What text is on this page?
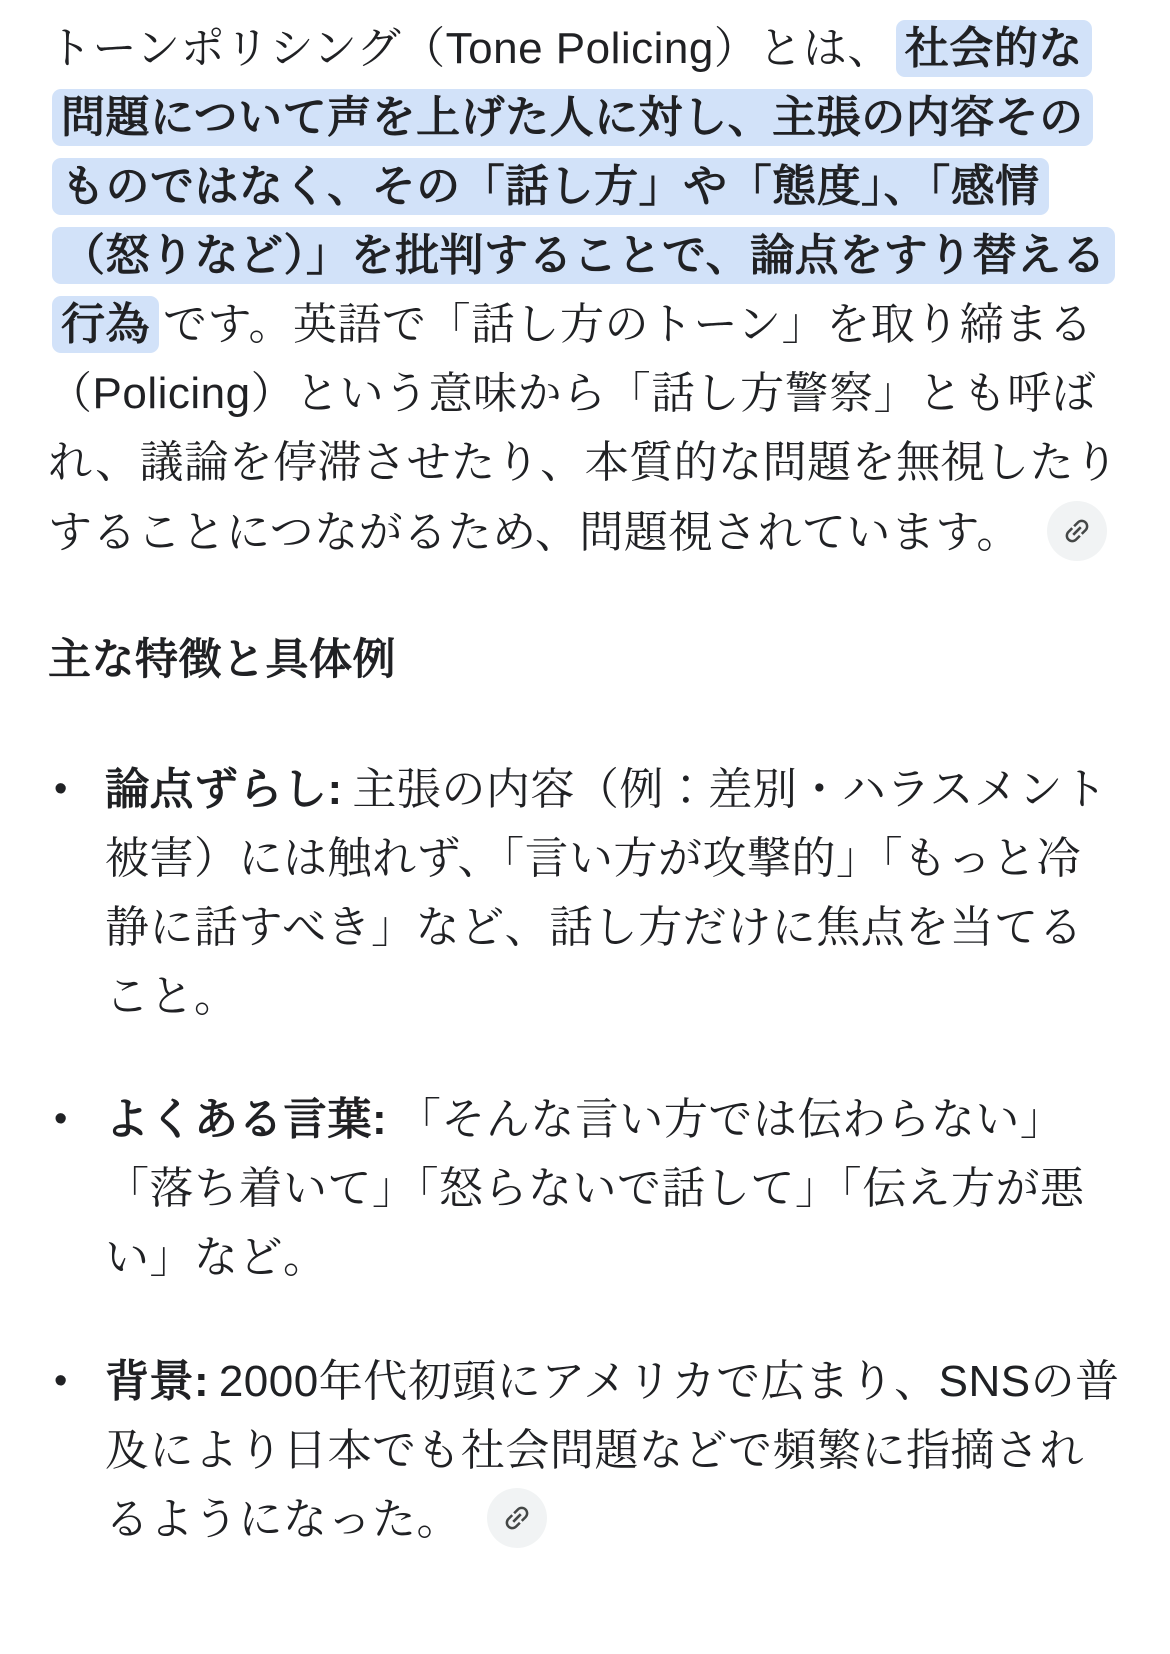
トーンポリシング（Tone Policing）とは、 社会的な問題について声を上げた人に対し、主張の内容そのものではなく、その「話し方」や「態度」、「感情（怒りなど）」を批判することで、論点をすり替える行為 です。英語で「話し方のトーン」を取り締まる（Policing）という意味から「話し方警察」とも呼ばれ、議論を停滞させたり、本質的な問題を無視したりすることにつながるため、問題視されています。

主な特徴と具体例
• 論点ずらし: 主張の内容（例：差別・ハラスメント被害）には触れず、「言い方が攻撃的」「もっと冷静に話すべき」など、話し方だけに焦点を当てること。
• よくある言葉: 「そんな言い方では伝わらない」「落ち着いて」「怒らないで話して」「伝え方が悪い」など。
• 背景: 2000年代初頭にアメリカで広まり、SNSの普及により日本でも社会問題などで頻繁に指摘されるようになった。
